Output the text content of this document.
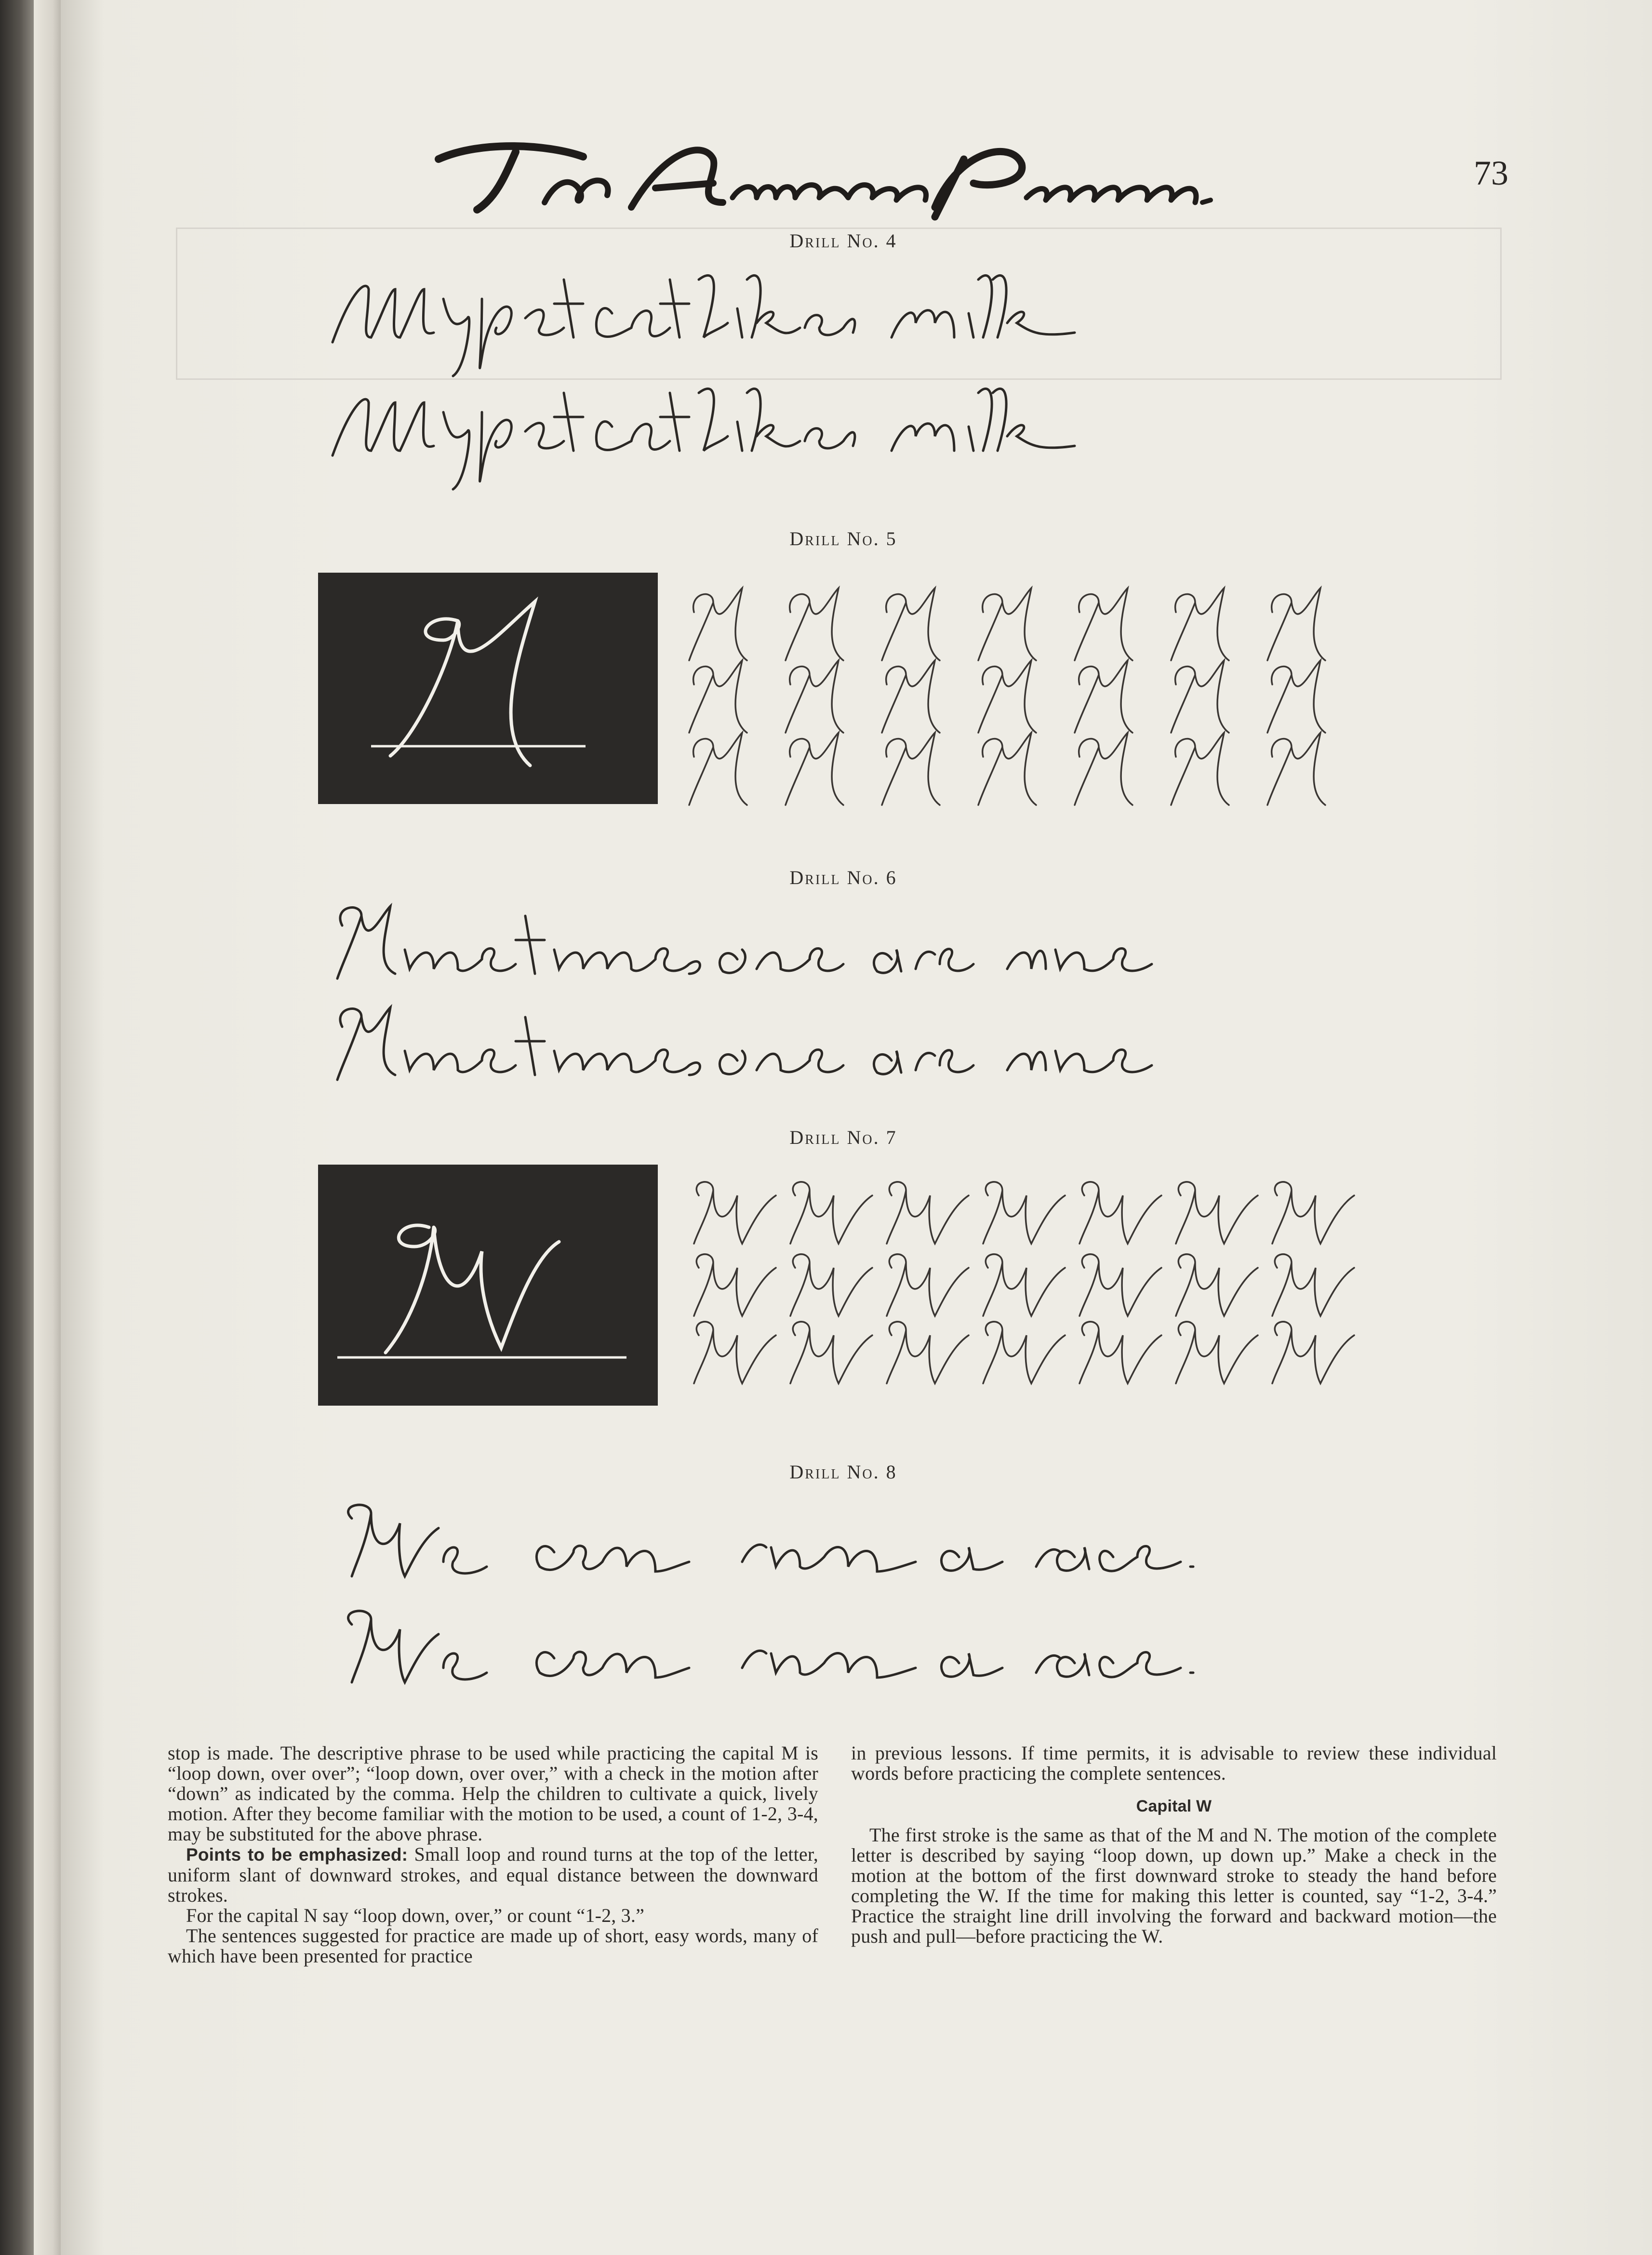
73
Drill No. 4
Drill No. 5
Drill No. 6
Drill No. 7
Drill No. 8

stop is made. The descriptive phrase to be used while practicing the capital M is “loop down, over over”; “loop down, over over,” with a check in the motion after “down” as indicated by the comma. Help the children to cultivate a quick, lively motion. After they become familiar with the motion to be used, a count of 1-2, 3-4, may be substituted for the above phrase.

Points to be emphasized: Small loop and round turns at the top of the letter, uniform slant of downward strokes, and equal distance between the downward strokes.

For the capital N say “loop down, over,” or count “1-2, 3.”

The sentences suggested for practice are made up of short, easy words, many of which have been presented for practice

in previous lessons. If time permits, it is advisable to review these individual words before practicing the complete sentences.

Capital W

The first stroke is the same as that of the M and N. The motion of the complete letter is described by saying “loop down, up down up.” Make a check in the motion at the bottom of the first downward stroke to steady the hand before completing the W. If the time for making this letter is counted, say “1-2, 3-4.” Practice the straight line drill involving the forward and backward motion—the push and pull—before practicing the W.
